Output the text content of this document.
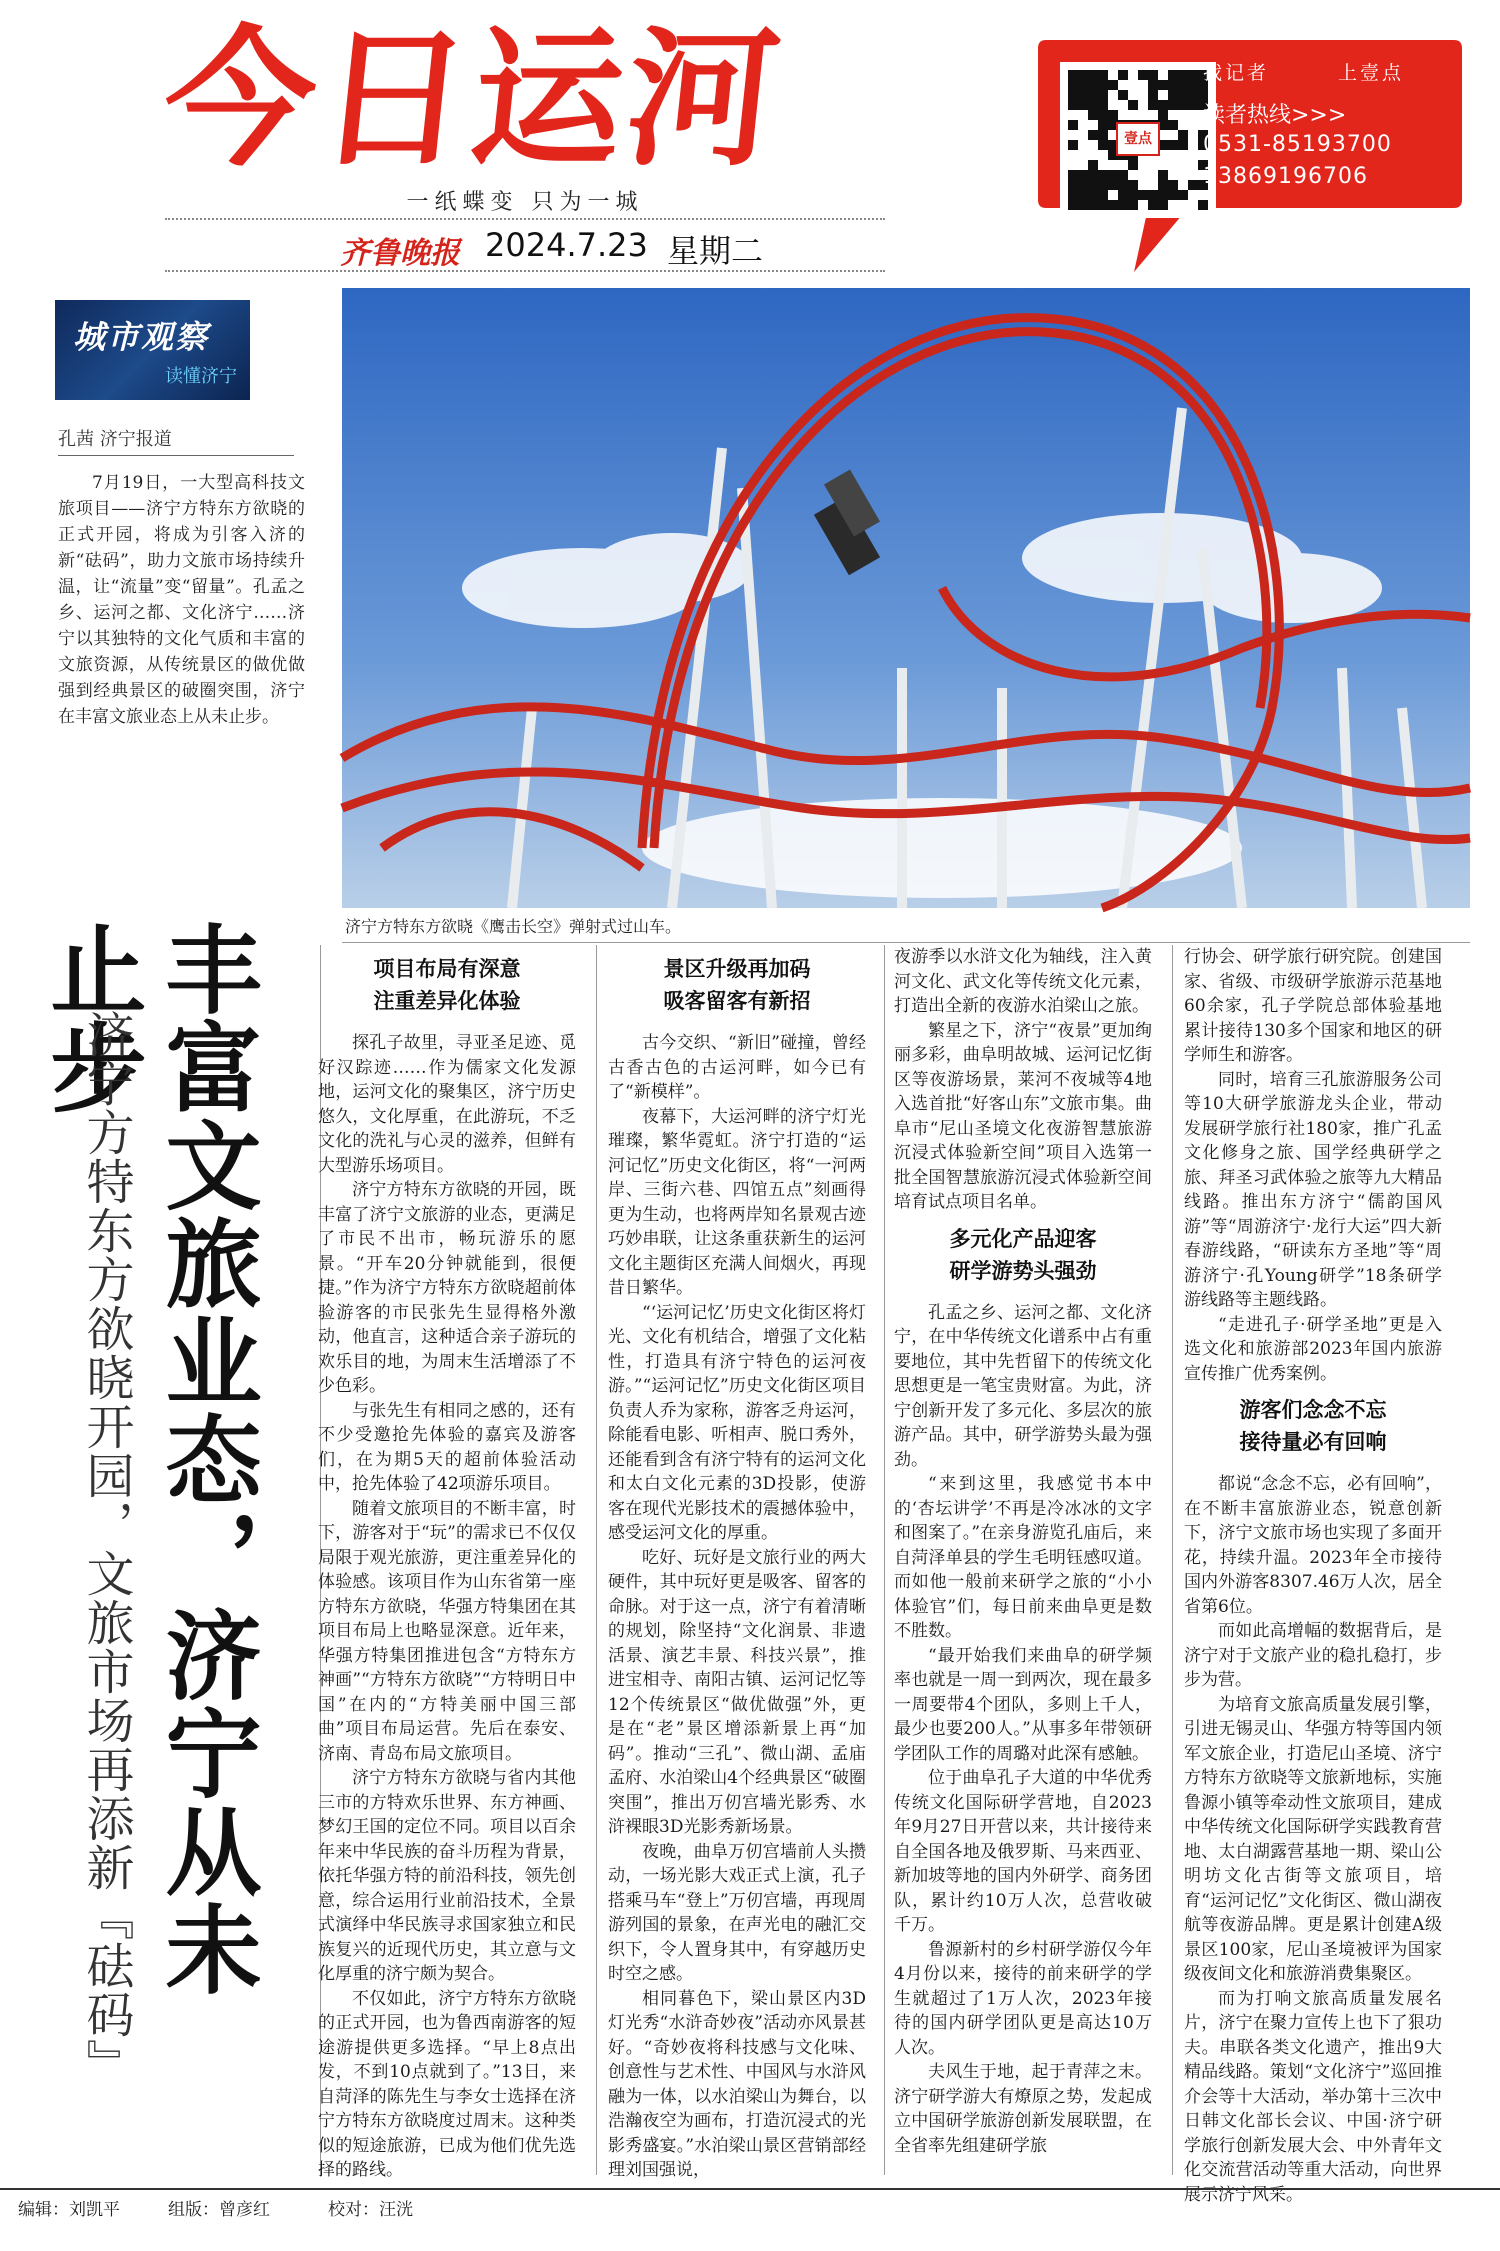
今日运河
一纸蝶变 只为一城
齐鲁晚报 2024.7.23 星期二
壹点
找记者	上壹点
读者热线>>>
0531-85193700
13869196706
城市观察
读懂济宁
孔茜 济宁报道
7月19日，一大型高科技文旅项目——济宁方特东方欲晓的正式开园，将成为引客入济的新“砝码”，助力文旅市场持续升温，让“流量”变“留量”。孔孟之乡、运河之都、文化济宁……济宁以其独特的文化气质和丰富的文旅资源，从传统景区的做优做强到经典景区的破圈突围，济宁在丰富文旅业态上从未止步。
济宁方特东方欲晓《鹰击长空》弹射式过山车。
丰富文旅业态，济宁从未止步
济宁方特东方欲晓开园，文旅市场再添新『砝码』
项目布局有深意
注重差异化体验

探孔子故里，寻亚圣足迹、觅好汉踪迹……作为儒家文化发源地，运河文化的聚集区，济宁历史悠久，文化厚重，在此游玩，不乏文化的洗礼与心灵的滋养，但鲜有大型游乐场项目。

济宁方特东方欲晓的开园，既丰富了济宁文旅游的业态，更满足了市民不出市，畅玩游乐的愿景。“开车20分钟就能到，很便捷。”作为济宁方特东方欲晓超前体验游客的市民张先生显得格外激动，他直言，这种适合亲子游玩的欢乐目的地，为周末生活增添了不少色彩。

与张先生有相同之感的，还有不少受邀抢先体验的嘉宾及游客们，在为期5天的超前体验活动中，抢先体验了42项游乐项目。

随着文旅项目的不断丰富，时下，游客对于“玩”的需求已不仅仅局限于观光旅游，更注重差异化的体验感。该项目作为山东省第一座方特东方欲晓，华强方特集团在其项目布局上也略显深意。近年来，华强方特集团推进包含“方特东方神画”“方特东方欲晓”“方特明日中国”在内的“方特美丽中国三部曲”项目布局运营。先后在泰安、济南、青岛布局文旅项目。

济宁方特东方欲晓与省内其他三市的方特欢乐世界、东方神画、梦幻王国的定位不同。项目以百余年来中华民族的奋斗历程为背景，依托华强方特的前沿科技，领先创意，综合运用行业前沿技术，全景式演绎中华民族寻求国家独立和民族复兴的近现代历史，其立意与文化厚重的济宁颇为契合。

不仅如此，济宁方特东方欲晓的正式开园，也为鲁西南游客的短途游提供更多选择。“早上8点出发，不到10点就到了。”13日，来自菏泽的陈先生与李女士选择在济宁方特东方欲晓度过周末。这种类似的短途旅游，已成为他们优先选择的路线。

景区升级再加码
吸客留客有新招

古今交织、“新旧”碰撞，曾经古香古色的古运河畔，如今已有了“新模样”。

夜幕下，大运河畔的济宁灯光璀璨，繁华霓虹。济宁打造的“运河记忆”历史文化街区，将“一河两岸、三街六巷、四馆五点”刻画得更为生动，也将两岸知名景观古迹巧妙串联，让这条重获新生的运河文化主题街区充满人间烟火，再现昔日繁华。

“‘运河记忆’历史文化街区将灯光、文化有机结合，增强了文化粘性，打造具有济宁特色的运河夜游。”“运河记忆”历史文化街区项目负责人乔为家称，游客乏舟运河，除能看电影、听相声、脱口秀外，还能看到含有济宁特有的运河文化和太白文化元素的3D投影，使游客在现代光影技术的震撼体验中，感受运河文化的厚重。

吃好、玩好是文旅行业的两大硬件，其中玩好更是吸客、留客的命脉。对于这一点，济宁有着清晰的规划，除坚持“文化润景、非遗活景、演艺丰景、科技兴景”，推进宝相寺、南阳古镇、运河记忆等12个传统景区“做优做强”外，更是在“老”景区增添新景上再“加码”。推动“三孔”、微山湖、孟庙孟府、水泊梁山4个经典景区“破圈突围”，推出万仞宫墙光影秀、水浒裸眼3D光影秀新场景。

夜晚，曲阜万仞宫墙前人头攒动，一场光影大戏正式上演，孔子搭乘马车“登上”万仞宫墙，再现周游列国的景象，在声光电的融汇交织下，令人置身其中，有穿越历史时空之感。

相同暮色下，梁山景区内3D灯光秀“水浒奇妙夜”活动亦风景甚好。“奇妙夜将科技感与文化味、创意性与艺术性、中国风与水浒风融为一体，以水泊梁山为舞台，以浩瀚夜空为画布，打造沉浸式的光影秀盛宴。”水泊梁山景区营销部经理刘国强说，

夜游季以水浒文化为轴线，注入黄河文化、武文化等传统文化元素，打造出全新的夜游水泊梁山之旅。

繁星之下，济宁“夜景”更加绚丽多彩，曲阜明故城、运河记忆街区等夜游场景，莱河不夜城等4地入选首批“好客山东”文旅市集。曲阜市“尼山圣境文化夜游智慧旅游沉浸式体验新空间”项目入选第一批全国智慧旅游沉浸式体验新空间培育试点项目名单。

多元化产品迎客
研学游势头强劲

孔孟之乡、运河之都、文化济宁，在中华传统文化谱系中占有重要地位，其中先哲留下的传统文化思想更是一笔宝贵财富。为此，济宁创新开发了多元化、多层次的旅游产品。其中，研学游势头最为强劲。

“来到这里，我感觉书本中的‘杏坛讲学’不再是冷冰冰的文字和图案了。”在亲身游览孔庙后，来自菏泽单县的学生毛明钰感叹道。而如他一般前来研学之旅的“小小体验官”们，每日前来曲阜更是数不胜数。

“最开始我们来曲阜的研学频率也就是一周一到两次，现在最多一周要带4个团队，多则上千人，最少也要200人。”从事多年带领研学团队工作的周璐对此深有感触。

位于曲阜孔子大道的中华优秀传统文化国际研学营地，自2023年9月27日开营以来，共计接待来自全国各地及俄罗斯、马来西亚、新加坡等地的国内外研学、商务团队，累计约10万人次，总营收破千万。

鲁源新村的乡村研学游仅今年4月份以来，接待的前来研学的学生就超过了1万人次，2023年接待的国内研学团队更是高达10万人次。

夫风生于地，起于青萍之末。济宁研学游大有燎原之势，发起成立中国研学旅游创新发展联盟，在全省率先组建研学旅

行协会、研学旅行研究院。创建国家、省级、市级研学旅游示范基地60余家，孔子学院总部体验基地累计接待130多个国家和地区的研学师生和游客。

同时，培育三孔旅游服务公司等10大研学旅游龙头企业，带动发展研学旅行社180家，推广孔孟文化修身之旅、国学经典研学之旅、拜圣习武体验之旅等九大精品线路。推出东方济宁“儒韵国风游”等“周游济宁·龙行大运”四大新春游线路，“研读东方圣地”等“周游济宁·孔Young研学”18条研学游线路等主题线路。

“走进孔子·研学圣地”更是入选文化和旅游部2023年国内旅游宣传推广优秀案例。

游客们念念不忘
接待量必有回响

都说“念念不忘，必有回响”，在不断丰富旅游业态，锐意创新下，济宁文旅市场也实现了多面开花，持续升温。2023年全市接待国内外游客8307.46万人次，居全省第6位。

而如此高增幅的数据背后，是济宁对于文旅产业的稳扎稳打，步步为营。

为培育文旅高质量发展引擎，引进无锡灵山、华强方特等国内领军文旅企业，打造尼山圣境、济宁方特东方欲晓等文旅新地标，实施鲁源小镇等牵动性文旅项目，建成中华传统文化国际研学实践教育营地、太白湖露营基地一期、梁山公明坊文化古街等文旅项目，培育“运河记忆”文化街区、微山湖夜航等夜游品牌。更是累计创建A级景区100家，尼山圣境被评为国家级夜间文化和旅游消费集聚区。

而为打响文旅高质量发展名片，济宁在聚力宣传上也下了狠功夫。串联各类文化遗产，推出9大精品线路。策划“文化济宁”巡回推介会等十大活动，举办第十三次中日韩文化部长会议、中国·济宁研学旅行创新发展大会、中外青年文化交流营活动等重大活动，向世界展示济宁风采。

编辑：刘凯平	组版：曾彦红	校对：汪洸
